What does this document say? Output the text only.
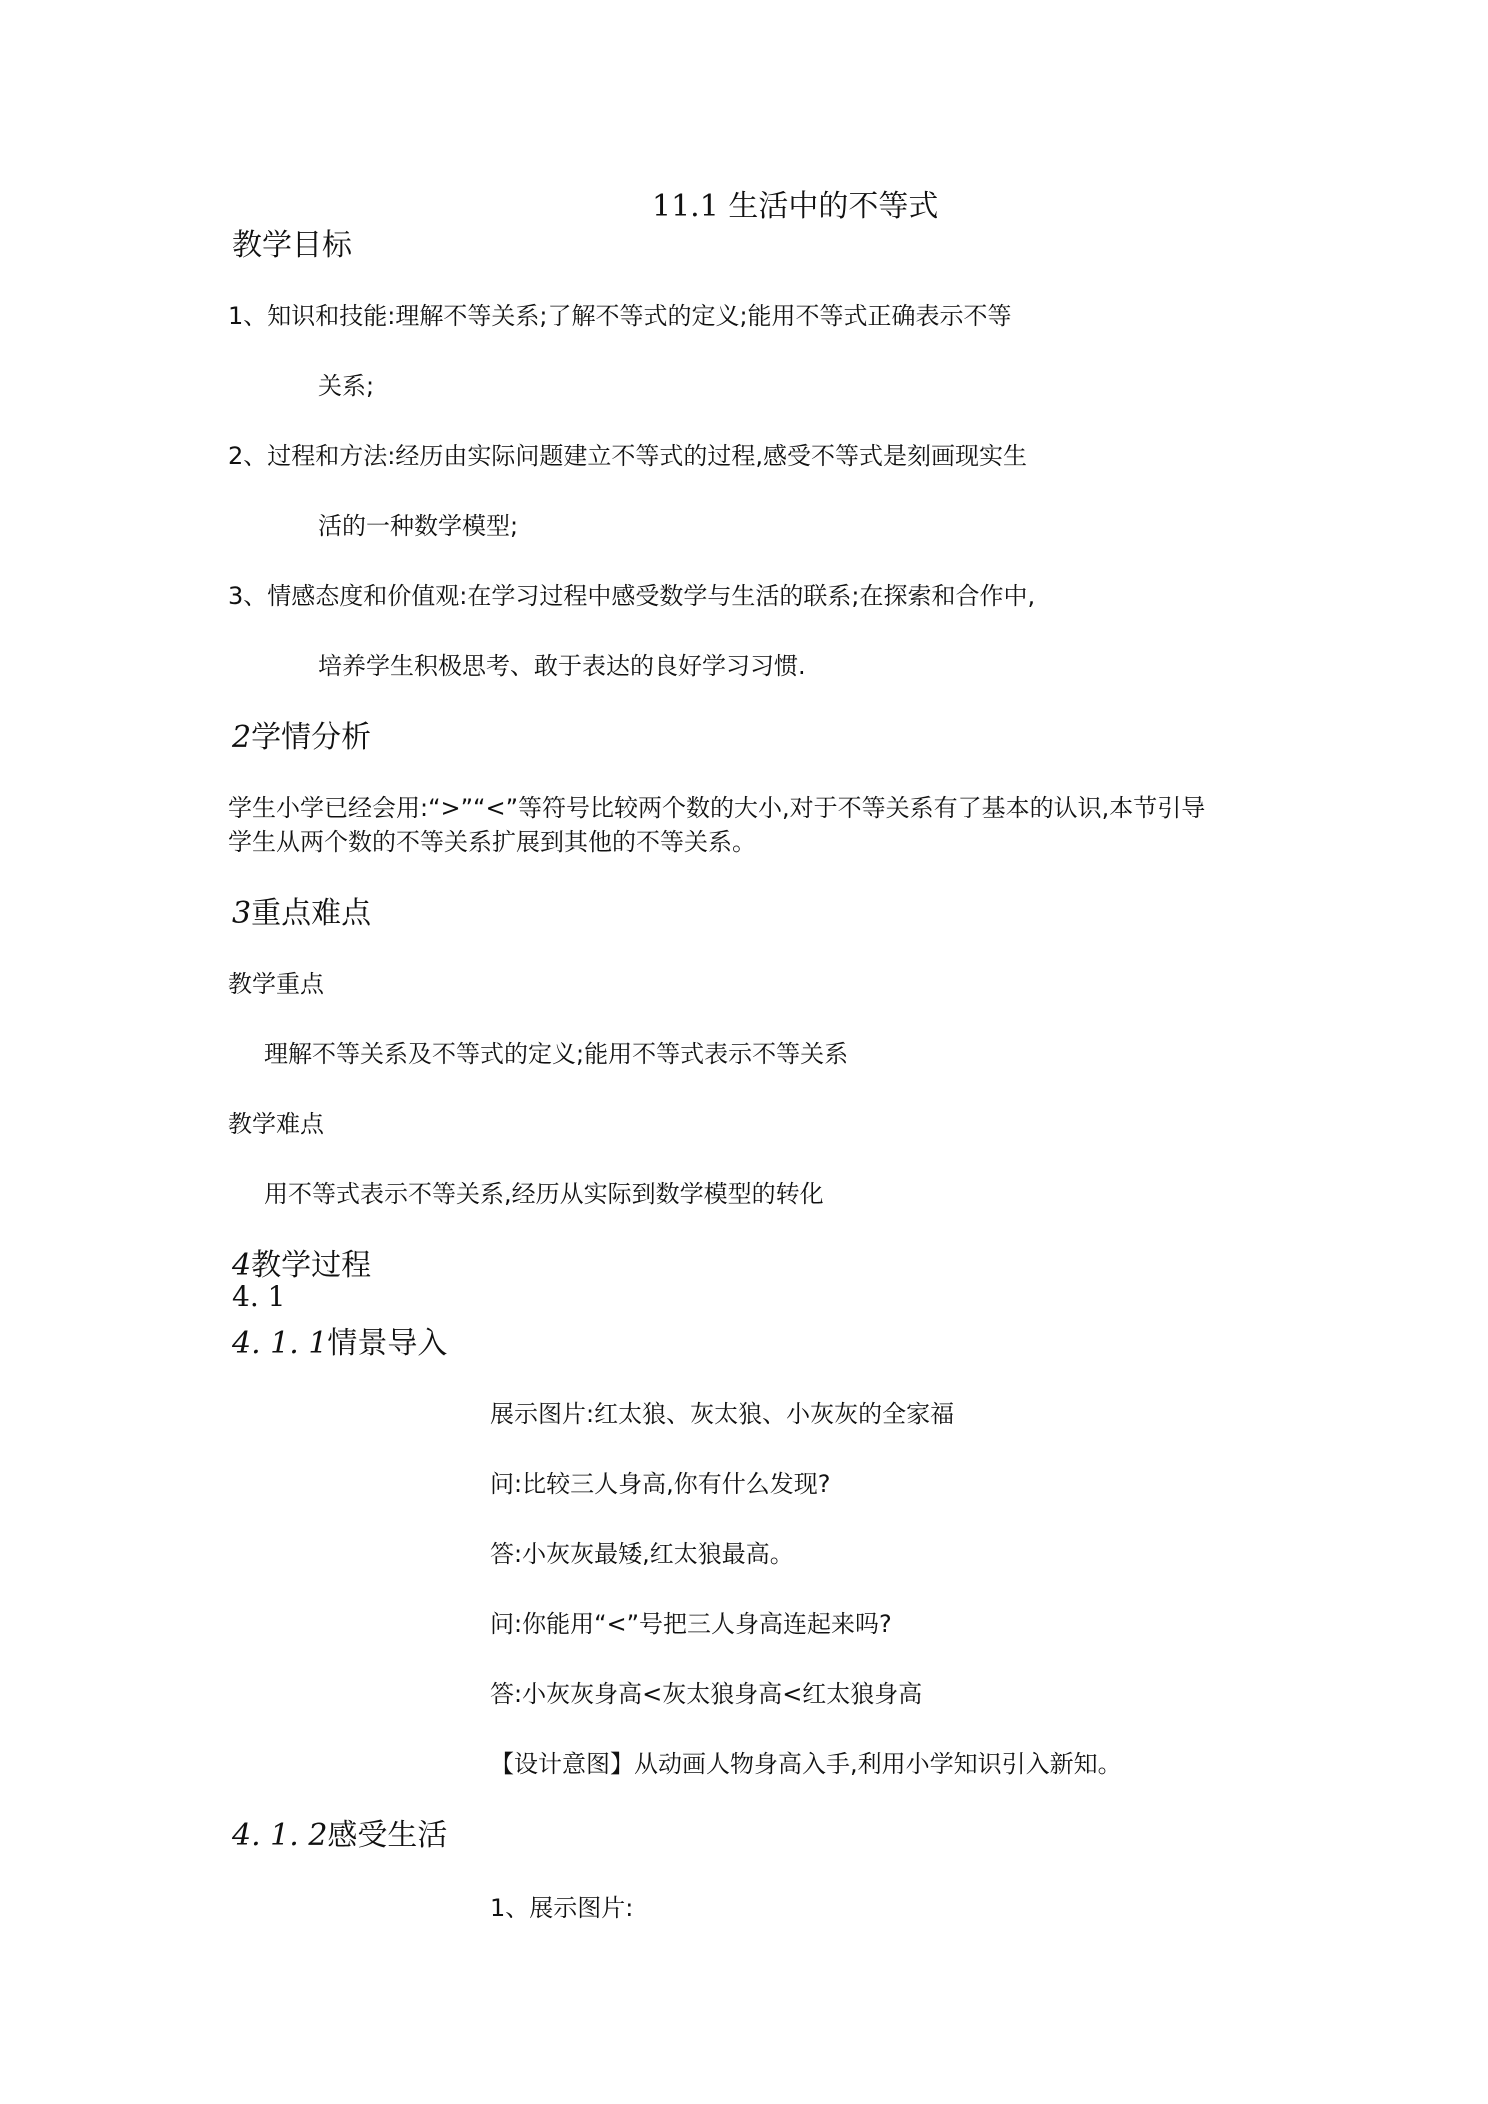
11.1 生活中的不等式
教学目标

1、知识和技能:理解不等关系;了解不等式的定义;能用不等式正确表示不等

关系;

2、过程和方法:经历由实际问题建立不等式的过程,感受不等式是刻画现实生

活的一种数学模型;

3、情感态度和价值观:在学习过程中感受数学与生活的联系;在探索和合作中,

培养学生积极思考、敢于表达的良好学习习惯.

2学情分析

学生小学已经会用:“>”“<”等符号比较两个数的大小,对于不等关系有了基本的认识,本节引导

学生从两个数的不等关系扩展到其他的不等关系。

3重点难点

教学重点

理解不等关系及不等式的定义;能用不等式表示不等关系

教学难点

用不等式表示不等关系,经历从实际到数学模型的转化

4教学过程

4. 1

4. 1. 1情景导入

展示图片:红太狼、灰太狼、小灰灰的全家福

问:比较三人身高,你有什么发现?

答:小灰灰最矮,红太狼最高。

问:你能用“<”号把三人身高连起来吗?

答:小灰灰身高<灰太狼身高<红太狼身高

【设计意图】从动画人物身高入手,利用小学知识引入新知。

4. 1. 2感受生活

1、展示图片:
